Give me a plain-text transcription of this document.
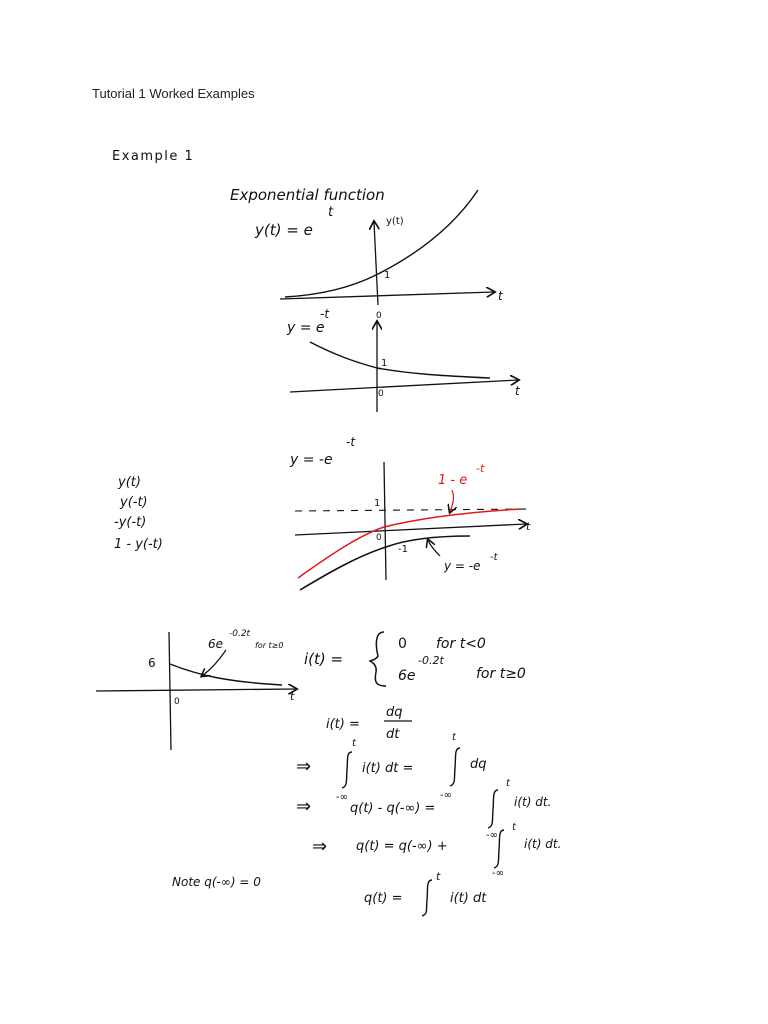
Tutorial 1 Worked Examples
Example 1
Exponential function
y(t) = e
t
y(t)
t
1
0
y = e
-t
t
1
0
y = -e
-t
1 - e
-t
y = -e
-t
t
1
-1
0
y(t)
y(-t)
-y(-t)
1 - y(-t)
6e
-0.2t
for t≥0
6
t
0
i(t) =
0 for t<0
6e
-0.2t
for t≥0
i(t) =
dq
dt
⇒
t
-∞
i(t) dt =
t
-∞
dq
⇒	q(t) - q(-∞) =
t
-∞
i(t) dt.
⇒ q(t) = q(-∞) +
t
-∞
i(t) dt.
Note q(-∞) = 0
q(t) =
t
i(t) dt
